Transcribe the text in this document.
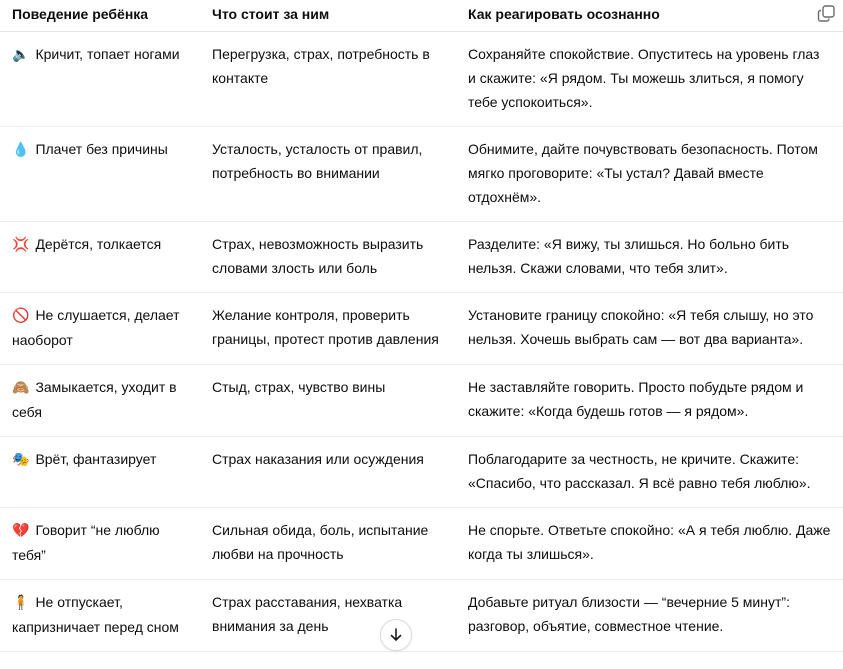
Поведение ребёнка	Что стоит за ним	Как реагировать осознанно
🔈 Кричит, топает ногами	Перегрузка, страх, потребность в контакте	Сохраняйте спокойствие. Опуститесь на уровень глаз и скажите: «Я рядом. Ты можешь злиться, я помогу тебе успокоиться».
💧 Плачет без причины	Усталость, усталость от правил, потребность во внимании	Обнимите, дайте почувствовать безопасность. Потом мягко проговорите: «Ты устал? Давай вместе отдохнём».
💢 Дерётся, толкается	Страх, невозможность выразить словами злость или боль	Разделите: «Я вижу, ты злишься. Но больно бить нельзя. Скажи словами, что тебя злит».
🚫 Не слушается, делает наоборот	Желание контроля, проверить границы, протест против давления	Установите границу спокойно: «Я тебя слышу, но это нельзя. Хочешь выбрать сам — вот два варианта».
🙈 Замыкается, уходит в себя	Стыд, страх, чувство вины	Не заставляйте говорить. Просто побудьте рядом и скажите: «Когда будешь готов — я рядом».
🎭 Врёт, фантазирует	Страх наказания или осуждения	Поблагодарите за честность, не кричите. Скажите: «Спасибо, что рассказал. Я всё равно тебя люблю».
💔 Говорит “не люблю тебя”	Сильная обида, боль, испытание любви на прочность	Не спорьте. Ответьте спокойно: «А я тебя люблю. Даже когда ты злишься».
🧍 Не отпускает, капризничает перед сном	Страх расставания, нехватка внимания за день	Добавьте ритуал близости — “вечерние 5 минут”: разговор, объятие, совместное чтение.
